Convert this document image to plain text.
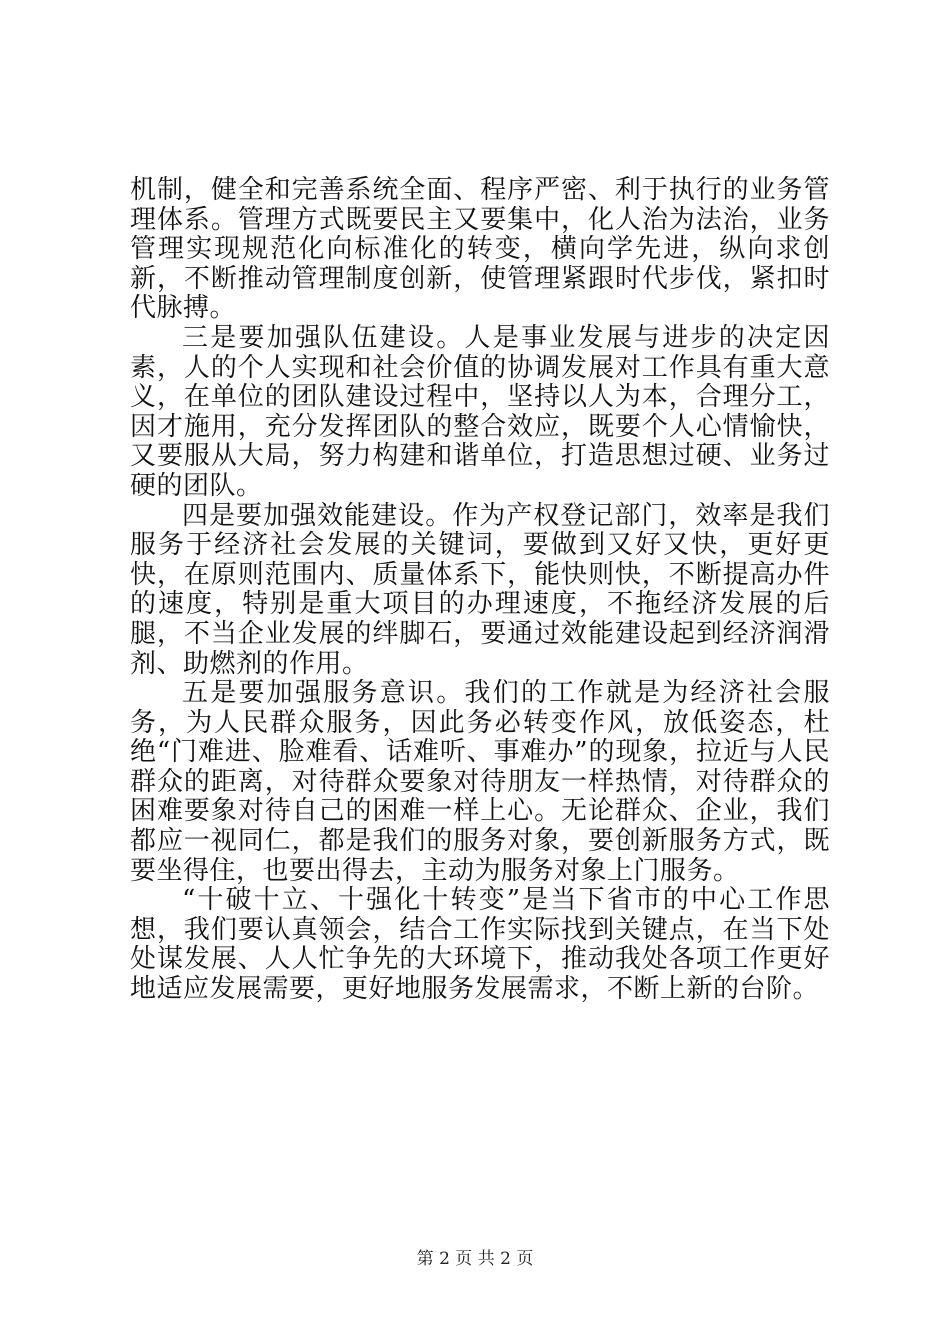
机制，健全和完善系统全面、程序严密、利于执行的业务管理体系。管理方式既要民主又要集中，化人治为法治，业务管理实现规范化向标准化的转变，横向学先进，纵向求创新，不断推动管理制度创新，使管理紧跟时代步伐，紧扣时代脉搏。

三是要加强队伍建设。人是事业发展与进步的决定因素，人的个人实现和社会价值的协调发展对工作具有重大意义，在单位的团队建设过程中，坚持以人为本，合理分工，因才施用，充分发挥团队的整合效应，既要个人心情愉快，又要服从大局，努力构建和谐单位，打造思想过硬、业务过硬的团队。

四是要加强效能建设。作为产权登记部门，效率是我们服务于经济社会发展的关键词，要做到又好又快，更好更快，在原则范围内、质量体系下，能快则快，不断提高办件的速度，特别是重大项目的办理速度，不拖经济发展的后腿，不当企业发展的绊脚石，要通过效能建设起到经济润滑剂、助燃剂的作用。

五是要加强服务意识。我们的工作就是为经济社会服务，为人民群众服务，因此务必转变作风，放低姿态，杜绝“门难进、脸难看、话难听、事难办”的现象，拉近与人民群众的距离，对待群众要象对待朋友一样热情，对待群众的困难要象对待自己的困难一样上心。无论群众、企业，我们都应一视同仁，都是我们的服务对象，要创新服务方式，既要坐得住，也要出得去，主动为服务对象上门服务。

“十破十立、十强化十转变”是当下省市的中心工作思想，我们要认真领会，结合工作实际找到关键点，在当下处处谋发展、人人忙争先的大环境下，推动我处各项工作更好地适应发展需要，更好地服务发展需求，不断上新的台阶。

第 2 页 共 2 页
